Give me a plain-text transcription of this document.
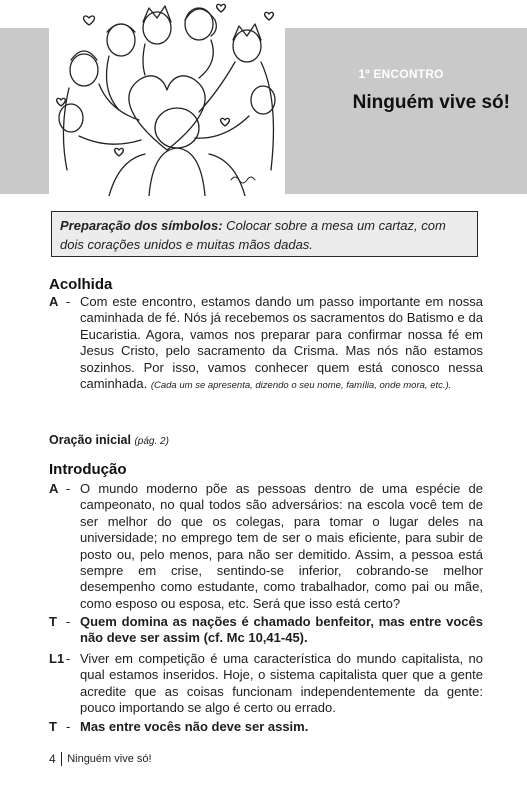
1º ENCONTRO
Ninguém vive só!
Preparação dos símbolos: Colocar sobre a mesa um cartaz, com dois corações unidos e muitas mãos dadas.
Acolhida
A - Com este encontro, estamos dando um passo importante em nossa caminhada de fé. Nós já recebemos os sacramentos do Batismo e da Eucaristia. Agora, vamos nos preparar para confirmar nossa fé em Jesus Cristo, pelo sacramento da Crisma. Mas nós não estamos sozinhos. Por isso, vamos conhecer quem está conosco nessa caminhada. (Cada um se apresenta, dizendo o seu nome, família, onde mora, etc.).
Oração inicial (pág. 2)
Introdução
A - O mundo moderno põe as pessoas dentro de uma espécie de campeonato, no qual todos são adversários: na escola você tem de ser melhor do que os colegas, para tomar o lugar deles na universidade; no emprego tem de ser o mais eficiente, para subir de posto ou, pelo menos, para não ser demitido. Assim, a pessoa está sempre em crise, sentindo-se inferior, cobrando-se melhor desempenho como estudante, como trabalhador, como pai ou mãe, como esposo ou esposa, etc. Será que isso está certo?
T - Quem domina as nações é chamado benfeitor, mas entre vocês não deve ser assim (cf. Mc 10,41-45).
L1 - Viver em competição é uma característica do mundo capitalista, no qual estamos inseridos. Hoje, o sistema capitalista quer que a gente acredite que as coisas funcionam independentemente da gente: pouco importando se algo é certo ou errado.
T - Mas entre vocês não deve ser assim.
4 Ninguém vive só!
